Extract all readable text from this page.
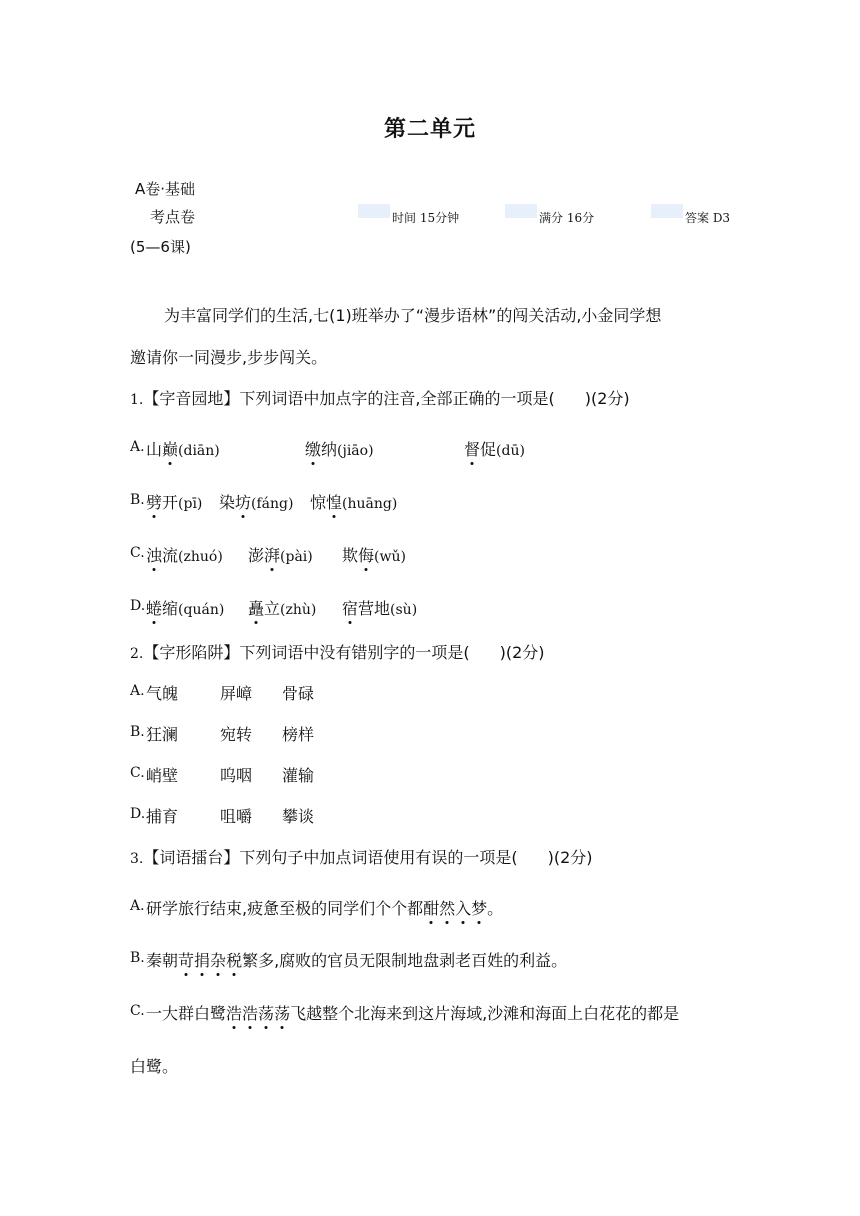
第二单元
A卷·基础
考点卷
(5—6课)
时间 15分钟	满分 16分	答案 D3
为丰富同学们的生活,七(1)班举办了“漫步语林”的闯关活动,小金同学想
邀请你一同漫步,步步闯关。
1.【字音园地】下列词语中加点字的注音,全部正确的一项是( )(2分)
A. 山巅(diān)	缴纳(jiāo)	督促(dū)
B. 劈开(pī) 染坊(fáng) 惊惶(huāng)
C. 浊流(zhuó) 澎湃(pài) 欺侮(wǔ)
D. 蜷缩(quán) 矗立(zhù) 宿营地(sù)
2.【字形陷阱】下列词语中没有错别字的一项是( )(2分)
A. 气魄	屏嶂 骨碌
B. 狂澜	宛转 榜样
C. 峭壁	呜咽 灌输
D. 捕育	咀嚼 攀谈
3.【词语擂台】下列句子中加点词语使用有误的一项是( )(2分)
A. 研学旅行结束,疲惫至极的同学们个个都酣然入梦。
B. 秦朝苛捐杂税繁多,腐败的官员无限制地盘剥老百姓的利益。
C. 一大群白鹭浩浩荡荡飞越整个北海来到这片海域,沙滩和海面上白花花的都是
白鹭。
